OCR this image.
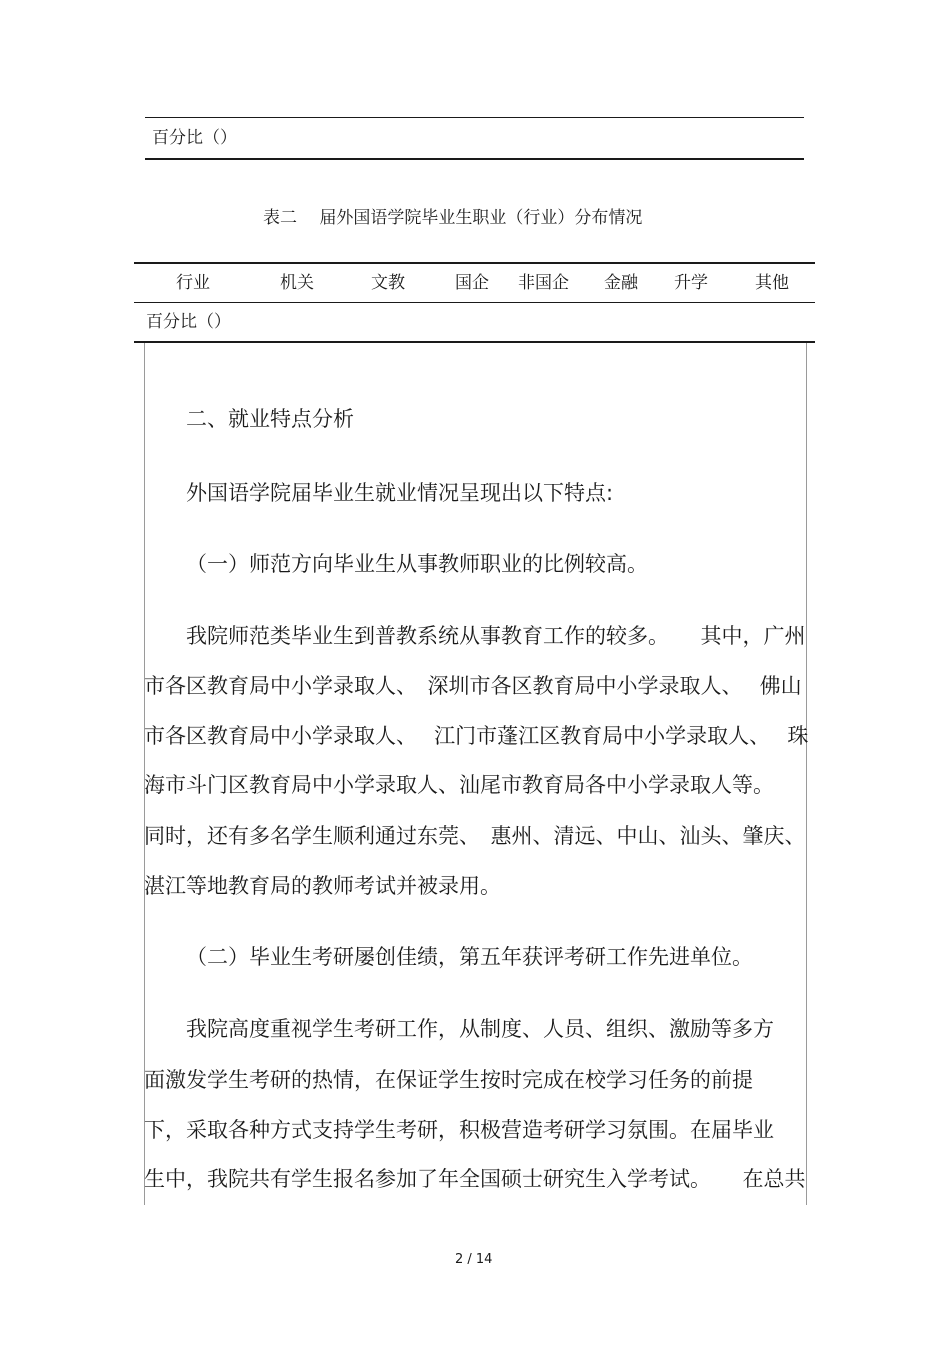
百分比（）
表二　 届外国语学院毕业生职业（行业）分布情况
行业	机关	文教	国企 非国企 金融 升学	其他
百分比（）
二、就业特点分析
外国语学院届毕业生就业情况呈现出以下特点:
（一）师范方向毕业生从事教师职业的比例较高。
我院师范类毕业生到普教系统从事教育工作的较多。　　其中，广州
市各区教育局中小学录取人、　深圳市各区教育局中小学录取人、　 佛山
市各区教育局中小学录取人、　 江门市蓬江区教育局中小学录取人、　 珠
海市斗门区教育局中小学录取人、汕尾市教育局各中小学录取人等。
同时，还有多名学生顺利通过东莞、　惠州、清远、中山、汕头、肇庆、
湛江等地教育局的教师考试并被录用。
（二）毕业生考研屡创佳绩，第五年获评考研工作先进单位。
我院高度重视学生考研工作，从制度、人员、组织、激励等多方
面激发学生考研的热情，在保证学生按时完成在校学习任务的前提
下，采取各种方式支持学生考研，积极营造考研学习氛围。在届毕业
生中，我院共有学生报名参加了年全国硕士研究生入学考试。　　在总共
2 / 14
